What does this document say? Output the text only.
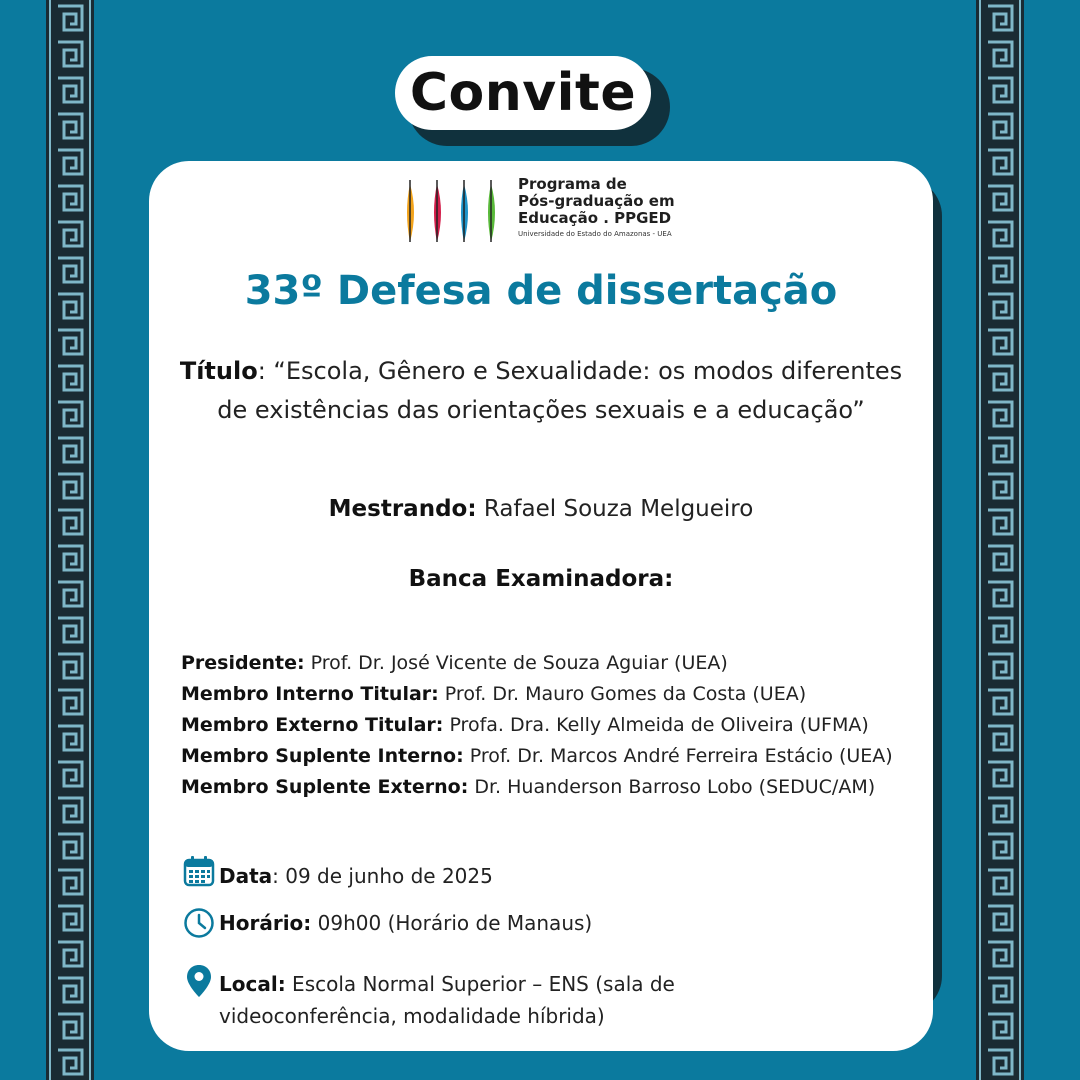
Convite
Programa de
Pós-graduação em
Educação . PPGED
Universidade do Estado do Amazonas - UEA
33º Defesa de dissertação
Título: “Escola, Gênero e Sexualidade: os modos diferentes de existências das orientações sexuais e a educação”
Mestrando: Rafael Souza Melgueiro
Banca Examinadora:
Presidente: Prof. Dr. José Vicente de Souza Aguiar (UEA)
Membro Interno Titular: Prof. Dr. Mauro Gomes da Costa (UEA)
Membro Externo Titular: Profa. Dra. Kelly Almeida de Oliveira (UFMA)
Membro Suplente Interno: Prof. Dr. Marcos André Ferreira Estácio (UEA)
Membro Suplente Externo: Dr. Huanderson Barroso Lobo (SEDUC/AM)
Data: 09 de junho de 2025
Horário: 09h00 (Horário de Manaus)
Local: Escola Normal Superior – ENS (sala de videoconferência, modalidade híbrida)
